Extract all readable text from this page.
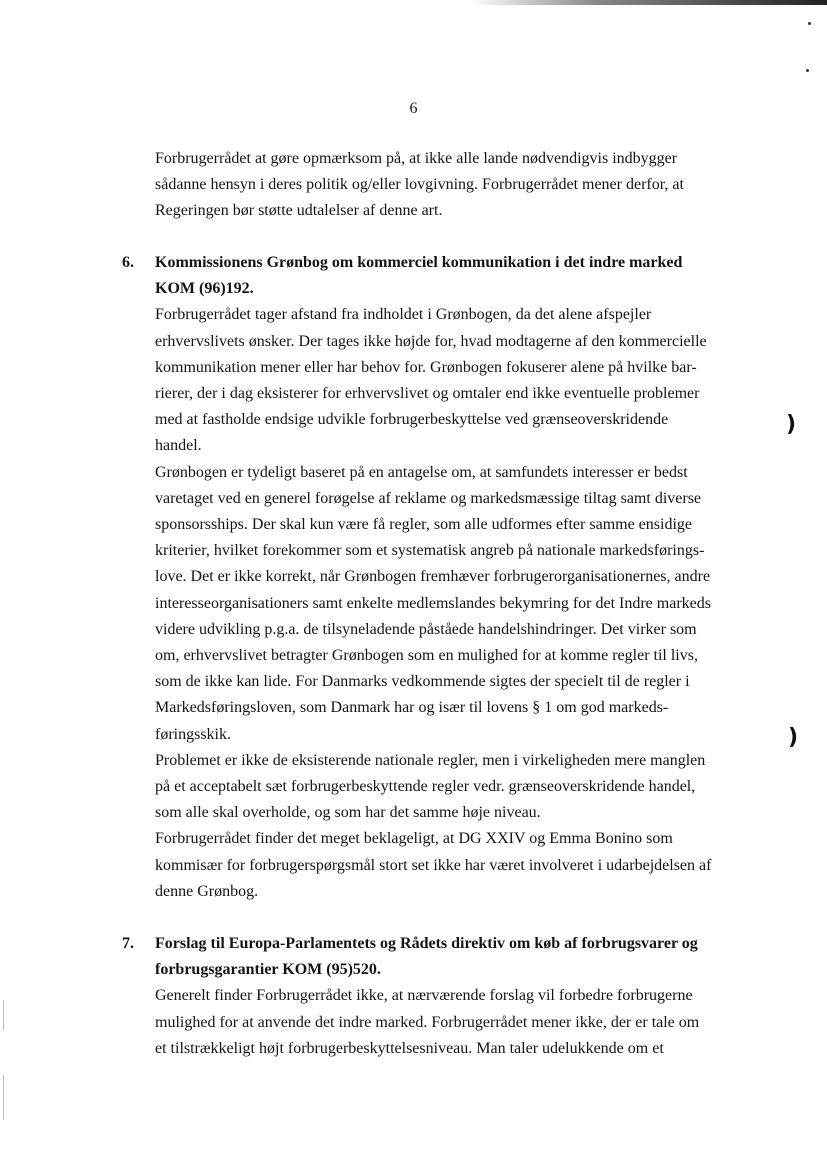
6

Forbrugerrådet at gøre opmærksom på, at ikke alle lande nødvendigvis indbygger

sådanne hensyn i deres politik og/eller lovgivning. Forbrugerrådet mener derfor, at

Regeringen bør støtte udtalelser af denne art.

6. Kommissionens Grønbog om kommerciel kommunikation i det indre marked

KOM (96)192.

Forbrugerrådet tager afstand fra indholdet i Grønbogen, da det alene afspejler

erhvervslivets ønsker. Der tages ikke højde for, hvad modtagerne af den kommercielle

kommunikation mener eller har behov for. Grønbogen fokuserer alene på hvilke bar-

rierer, der i dag eksisterer for erhvervslivet og omtaler end ikke eventuelle problemer

med at fastholde endsige udvikle forbrugerbeskyttelse ved grænseoverskridende

handel.

Grønbogen er tydeligt baseret på en antagelse om, at samfundets interesser er bedst

varetaget ved en generel forøgelse af reklame og markedsmæssige tiltag samt diverse

sponsorsships. Der skal kun være få regler, som alle udformes efter samme ensidige

kriterier, hvilket forekommer som et systematisk angreb på nationale markedsførings-

love. Det er ikke korrekt, når Grønbogen fremhæver forbrugerorganisationernes, andre

interesseorganisationers samt enkelte medlemslandes bekymring for det Indre markeds

videre udvikling p.g.a. de tilsyneladende påståede handelshindringer. Det virker som

om, erhvervslivet betragter Grønbogen som en mulighed for at komme regler til livs,

som de ikke kan lide. For Danmarks vedkommende sigtes der specielt til de regler i

Markedsføringsloven, som Danmark har og især til lovens § 1 om god markeds-

føringsskik.

Problemet er ikke de eksisterende nationale regler, men i virkeligheden mere manglen

på et acceptabelt sæt forbrugerbeskyttende regler vedr. grænseoverskridende handel,

som alle skal overholde, og som har det samme høje niveau.

Forbrugerrådet finder det meget beklageligt, at DG XXIV og Emma Bonino som

kommisær for forbrugerspørgsmål stort set ikke har været involveret i udarbejdelsen af

denne Grønbog.

7. Forslag til Europa-Parlamentets og Rådets direktiv om køb af forbrugsvarer og

forbrugsgarantier KOM (95)520.

Generelt finder Forbrugerrådet ikke, at nærværende forslag vil forbedre forbrugerne

mulighed for at anvende det indre marked. Forbrugerrådet mener ikke, der er tale om

et tilstrækkeligt højt forbrugerbeskyttelsesniveau. Man taler udelukkende om et

)
)
